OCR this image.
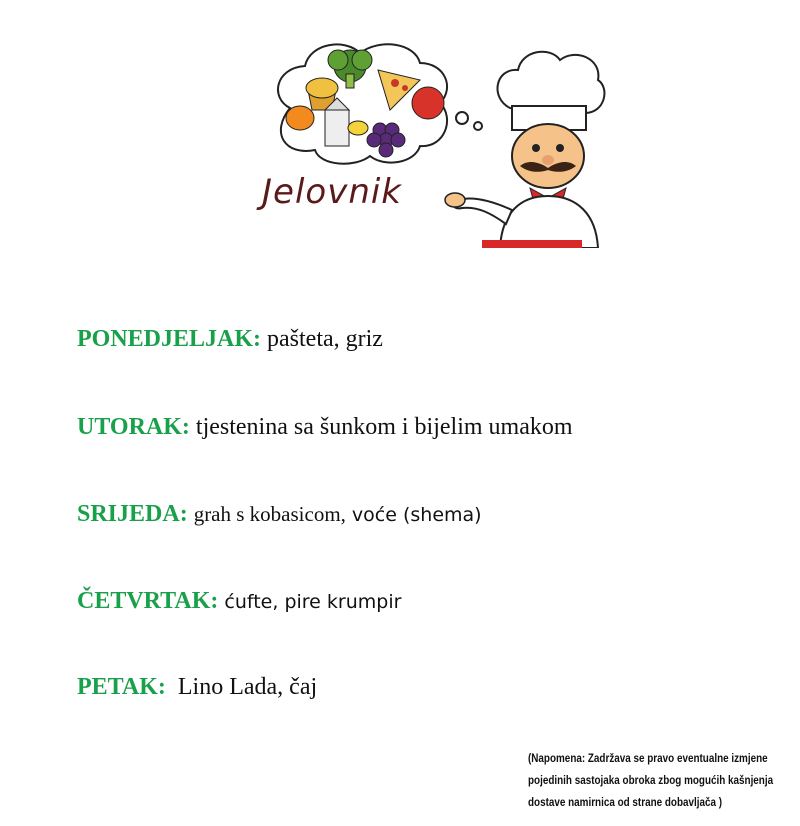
Jelovnik
PONEDJELJAK: pašteta, griz
UTORAK: tjestenina sa šunkom i bijelim umakom
SRIJEDA: grah s kobasicom, voće (shema)
ČETVRTAK: ćufte, pire krumpir
PETAK: Lino Lada, čaj
(Napomena: Zadržava se pravo eventualne izmjene
pojedinih sastojaka obroka zbog mogućih kašnjenja
dostave namirnica od strane dobavljača )
